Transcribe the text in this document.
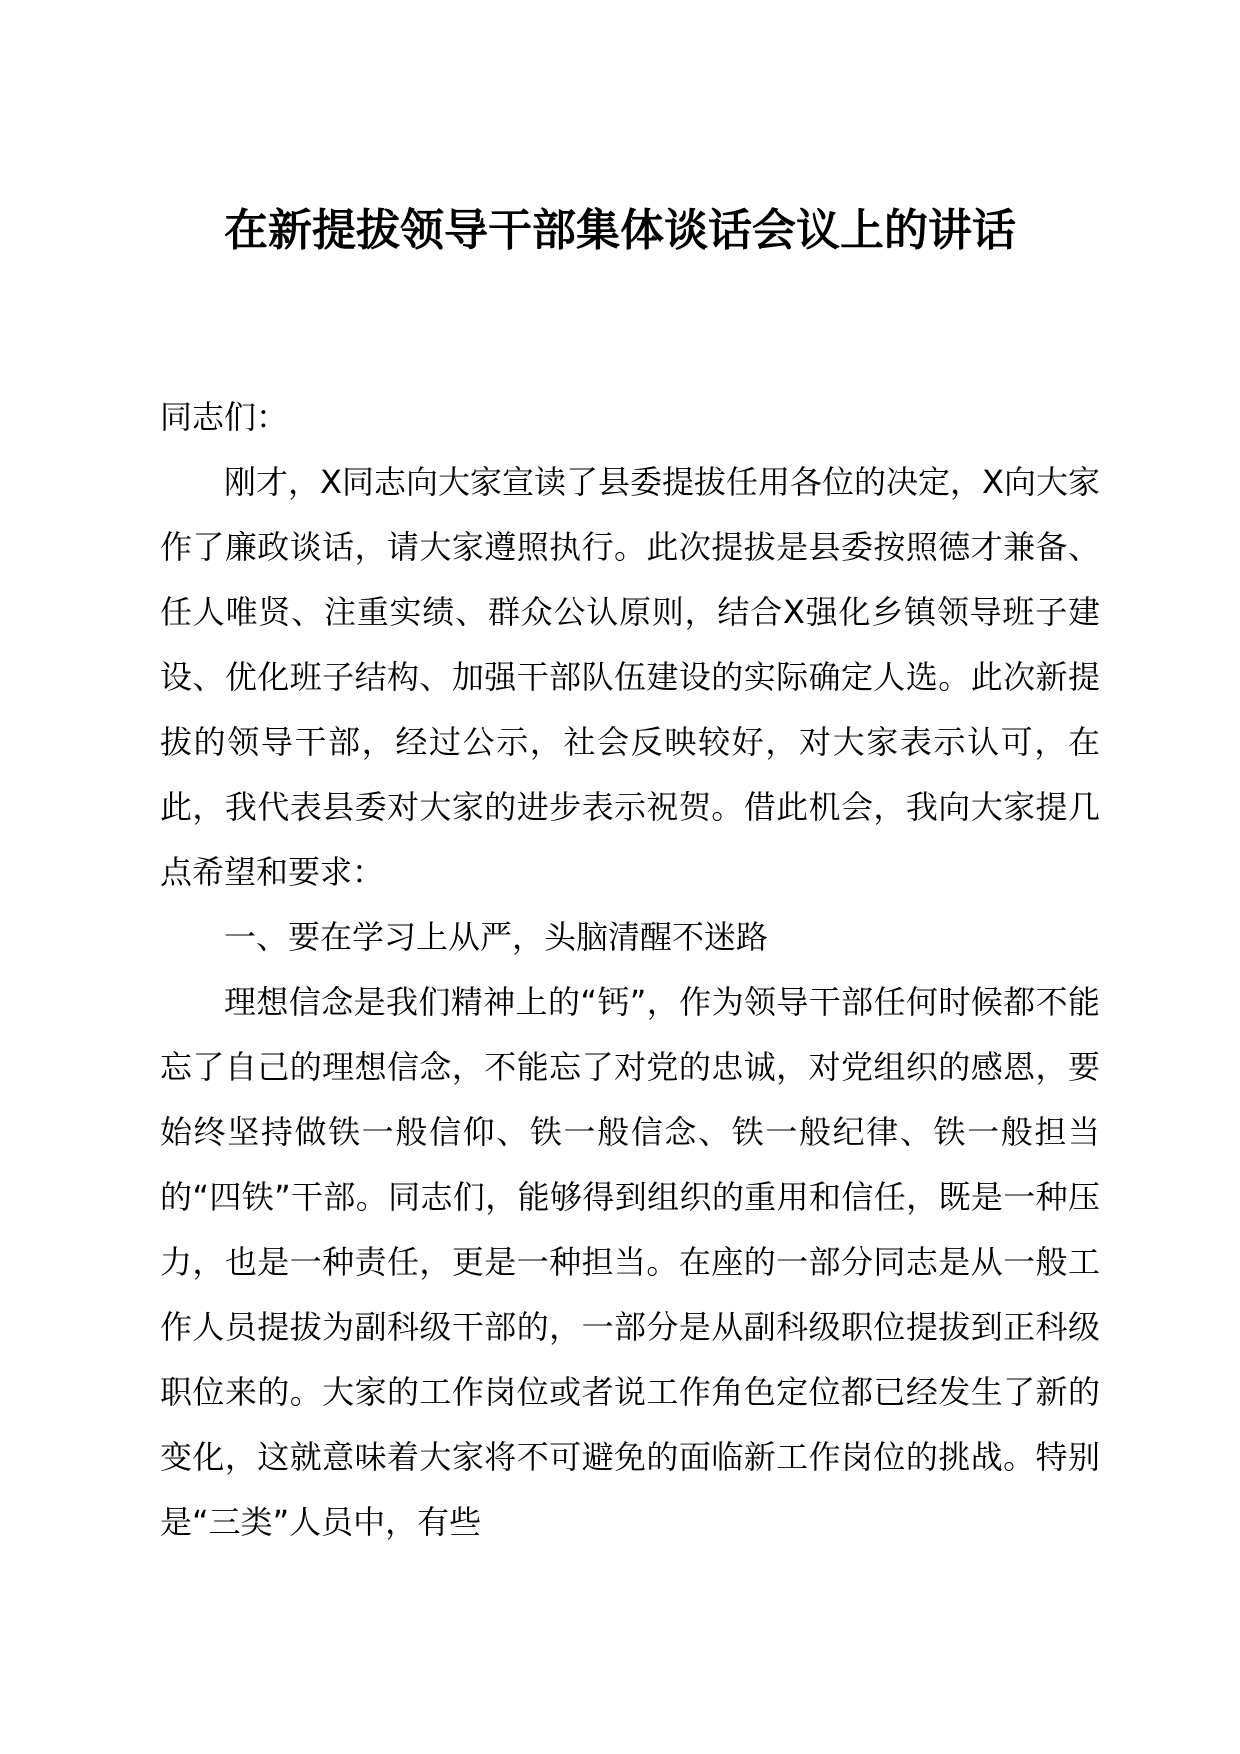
在新提拔领导干部集体谈话会议上的讲话

同志们：

刚才，X同志向大家宣读了县委提拔任用各位的决定，X向大家作了廉政谈话，请大家遵照执行。此次提拔是县委按照德才兼备、任人唯贤、注重实绩、群众公认原则，结合X强化乡镇领导班子建设、优化班子结构、加强干部队伍建设的实际确定人选。此次新提拔的领导干部，经过公示，社会反映较好，对大家表示认可，在此，我代表县委对大家的进步表示祝贺。借此机会，我向大家提几点希望和要求：

一、要在学习上从严，头脑清醒不迷路

理想信念是我们精神上的“钙”，作为领导干部任何时候都不能忘了自己的理想信念，不能忘了对党的忠诚，对党组织的感恩，要始终坚持做铁一般信仰、铁一般信念、铁一般纪律、铁一般担当的“四铁”干部。同志们，能够得到组织的重用和信任，既是一种压力，也是一种责任，更是一种担当。在座的一部分同志是从一般工作人员提拔为副科级干部的，一部分是从副科级职位提拔到正科级职位来的。大家的工作岗位或者说工作角色定位都已经发生了新的变化，这就意味着大家将不可避免的面临新工作岗位的挑战。特别是“三类”人员中，有些
